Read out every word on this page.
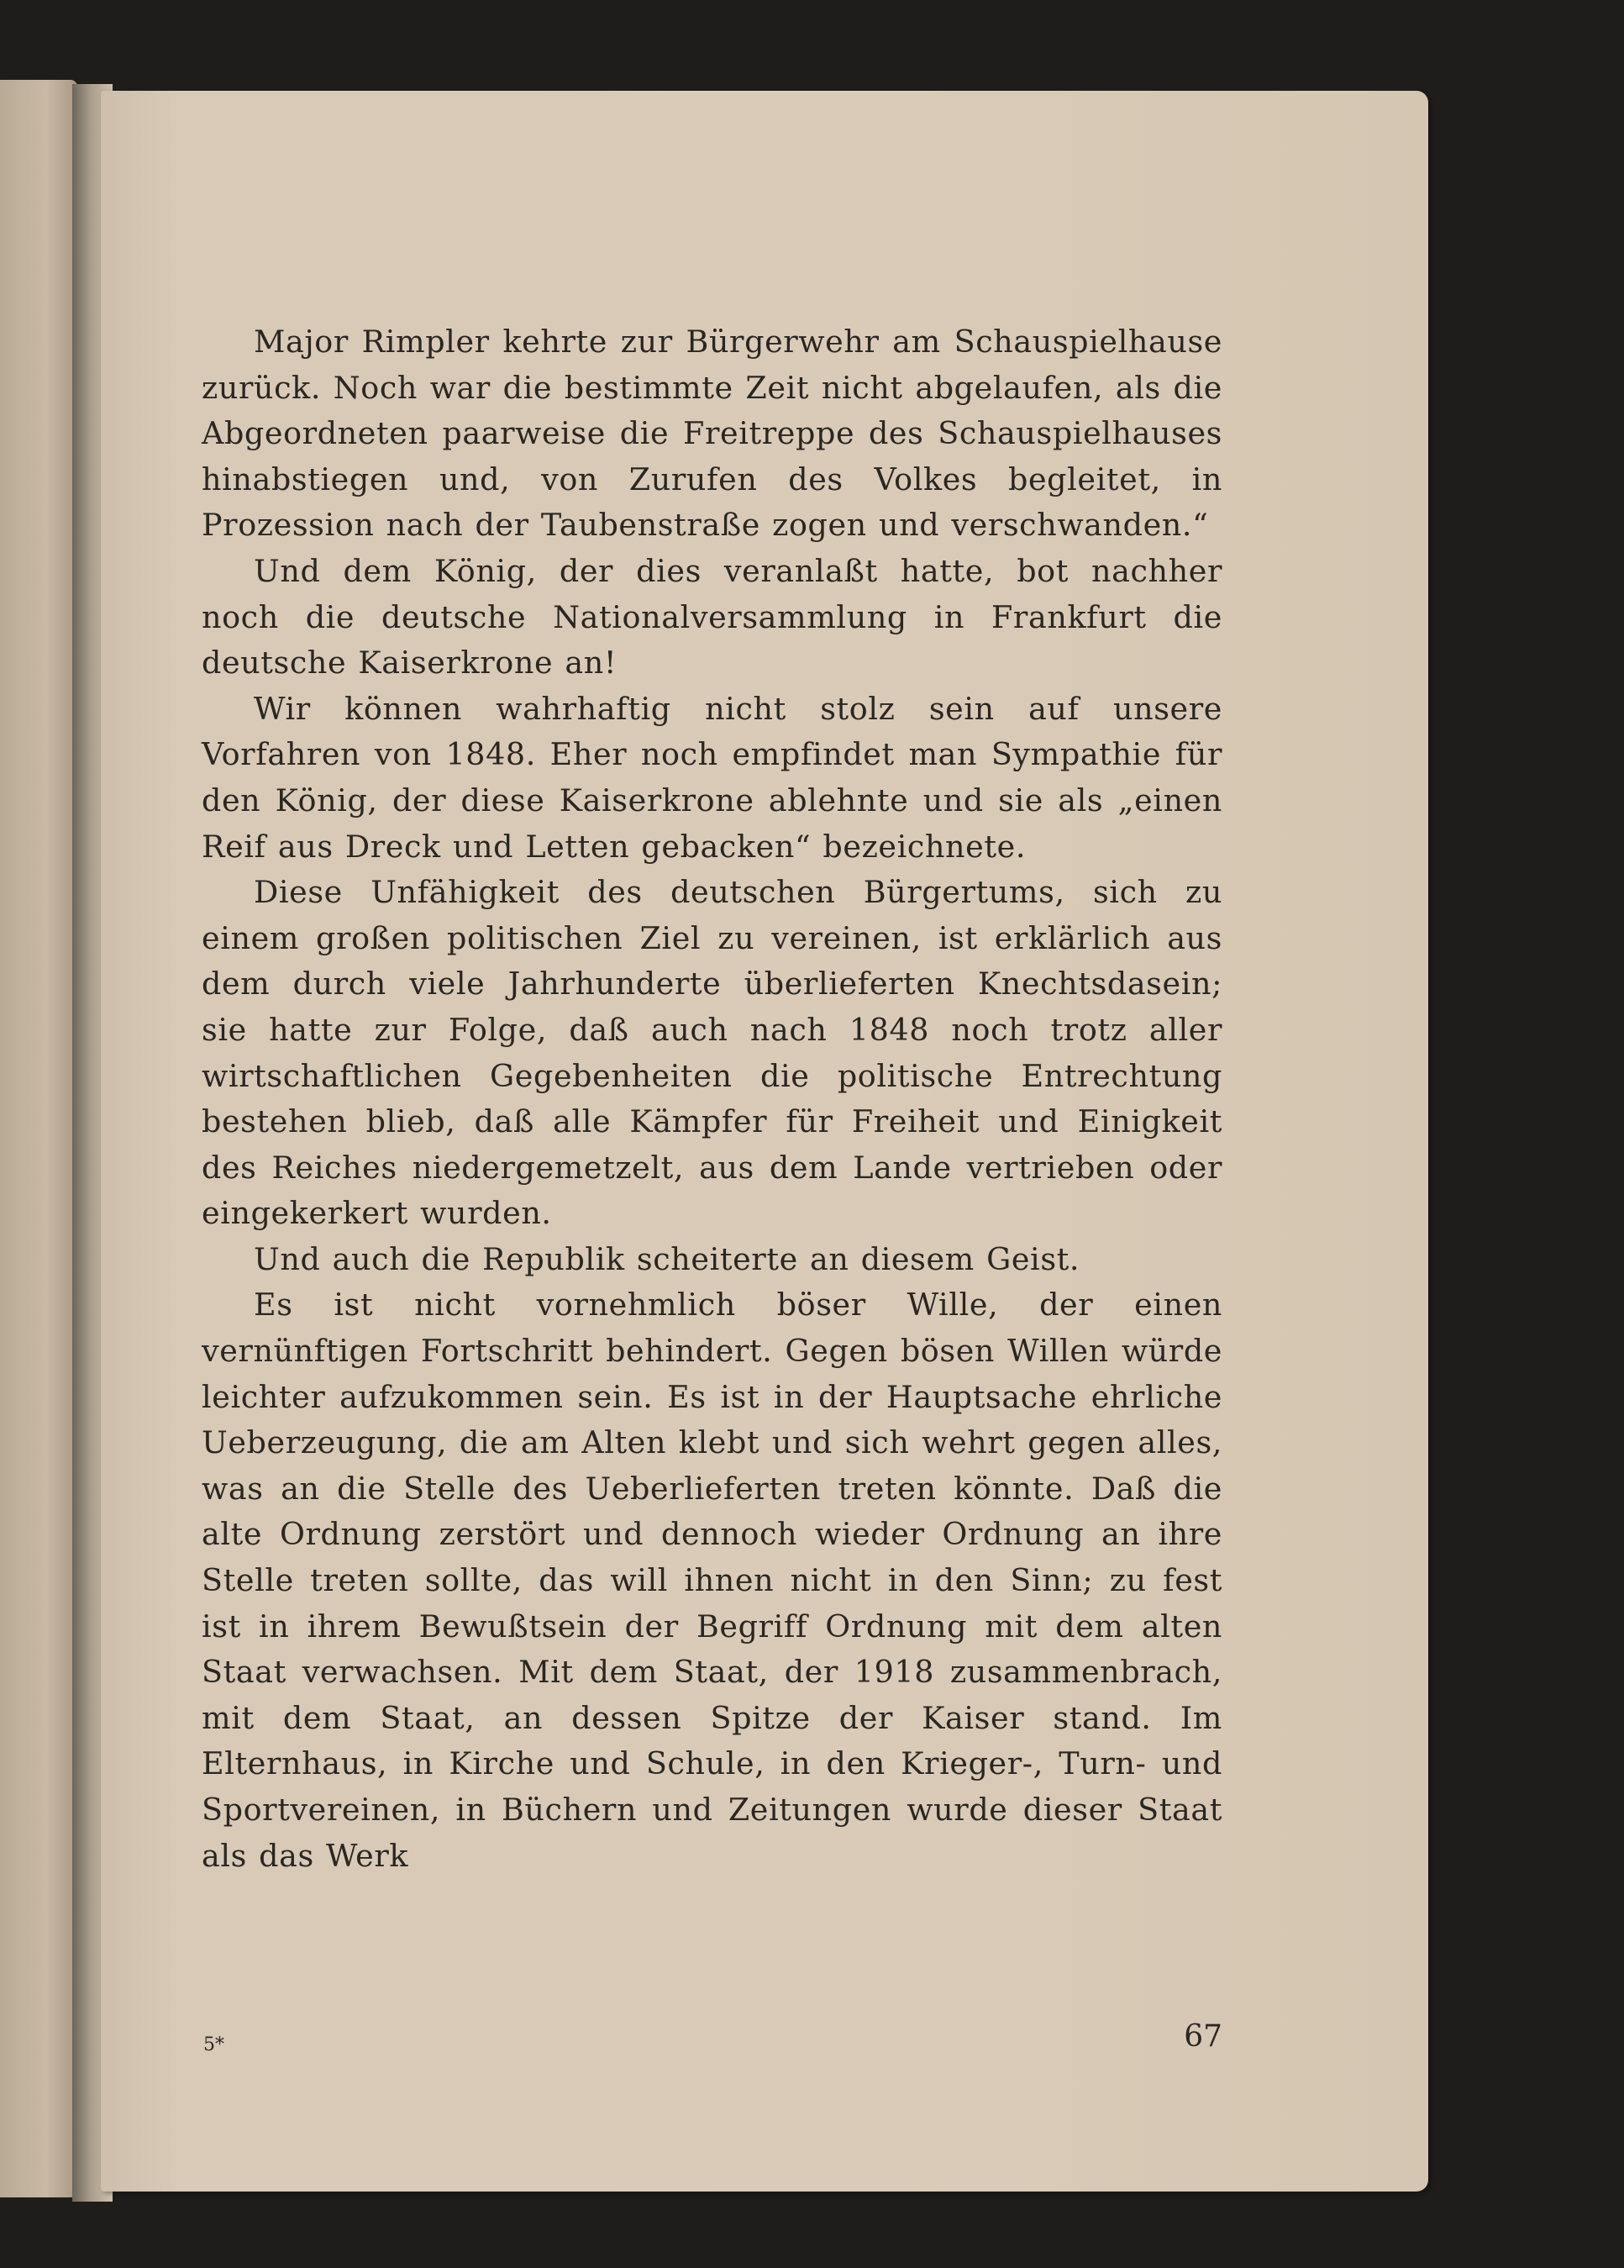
Major Rimpler kehrte zur Bürgerwehr am Schauspielhause zurück. Noch war die bestimmte Zeit nicht abgelaufen, als die Abgeordneten paarweise die Freitreppe des Schauspielhauses hinabstiegen und, von Zurufen des Volkes begleitet, in Prozession nach der Taubenstraße zogen und verschwanden.“

Und dem König, der dies veranlaßt hatte, bot nachher noch die deutsche Nationalversammlung in Frankfurt die deutsche Kaiserkrone an!

Wir können wahrhaftig nicht stolz sein auf unsere Vorfahren von 1848. Eher noch empfindet man Sympathie für den König, der diese Kaiserkrone ablehnte und sie als „einen Reif aus Dreck und Letten gebacken“ bezeichnete.

Diese Unfähigkeit des deutschen Bürgertums, sich zu einem großen politischen Ziel zu vereinen, ist erklärlich aus dem durch viele Jahrhunderte überlieferten Knechtsdasein; sie hatte zur Folge, daß auch nach 1848 noch trotz aller wirtschaftlichen Gegebenheiten die politische Entrechtung bestehen blieb, daß alle Kämpfer für Freiheit und Einigkeit des Reiches niedergemetzelt, aus dem Lande vertrieben oder eingekerkert wurden.

Und auch die Republik scheiterte an diesem Geist.

Es ist nicht vornehmlich böser Wille, der einen vernünftigen Fortschritt behindert. Gegen bösen Willen würde leichter aufzukommen sein. Es ist in der Hauptsache ehrliche Ueberzeugung, die am Alten klebt und sich wehrt gegen alles, was an die Stelle des Ueberlieferten treten könnte. Daß die alte Ordnung zerstört und dennoch wieder Ordnung an ihre Stelle treten sollte, das will ihnen nicht in den Sinn; zu fest ist in ihrem Bewußtsein der Begriff Ordnung mit dem alten Staat verwachsen. Mit dem Staat, der 1918 zusammenbrach, mit dem Staat, an dessen Spitze der Kaiser stand. Im Elternhaus, in Kirche und Schule, in den Krieger-, Turn- und Sportvereinen, in Büchern und Zeitungen wurde dieser Staat als das Werk

5*	67
